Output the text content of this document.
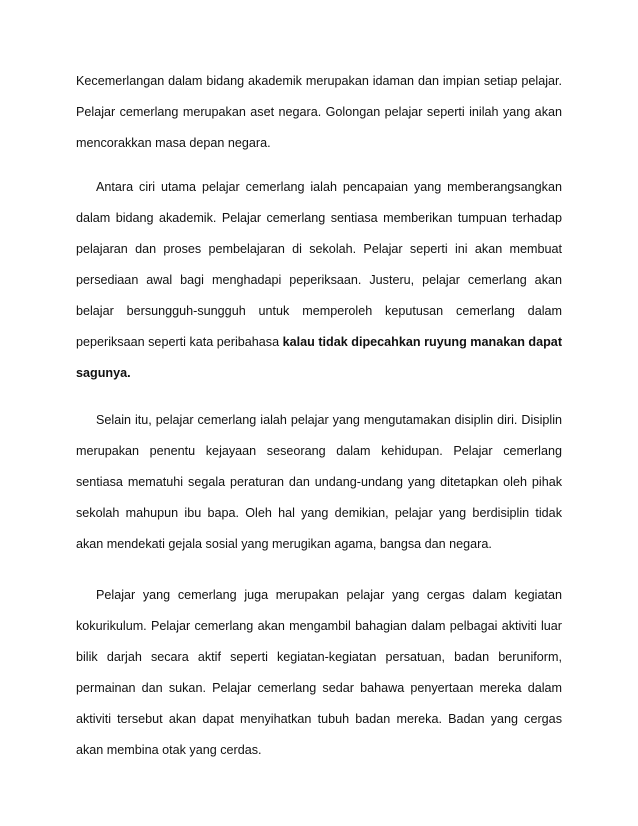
Kecemerlangan dalam bidang akademik merupakan idaman dan impian setiap pelajar. Pelajar cemerlang merupakan aset negara. Golongan pelajar seperti inilah yang akan mencorakkan masa depan negara.

Antara ciri utama pelajar cemerlang ialah pencapaian yang memberangsangkan dalam bidang akademik. Pelajar cemerlang sentiasa memberikan tumpuan terhadap pelajaran dan proses pembelajaran di sekolah. Pelajar seperti ini akan membuat persediaan awal bagi menghadapi peperiksaan. Justeru, pelajar cemerlang akan belajar bersungguh-sungguh untuk memperoleh keputusan cemerlang dalam peperiksaan seperti kata peribahasa kalau tidak dipecahkan ruyung manakan dapat sagunya.

Selain itu, pelajar cemerlang ialah pelajar yang mengutamakan disiplin diri. Disiplin merupakan penentu kejayaan seseorang dalam kehidupan. Pelajar cemerlang sentiasa mematuhi segala peraturan dan undang-undang yang ditetapkan oleh pihak sekolah mahupun ibu bapa. Oleh hal yang demikian, pelajar yang berdisiplin tidak akan mendekati gejala sosial yang merugikan agama, bangsa dan negara.

Pelajar yang cemerlang juga merupakan pelajar yang cergas dalam kegiatan kokurikulum. Pelajar cemerlang akan mengambil bahagian dalam pelbagai aktiviti luar bilik darjah secara aktif seperti kegiatan-kegiatan persatuan, badan beruniform, permainan dan sukan. Pelajar cemerlang sedar bahawa penyertaan mereka dalam aktiviti tersebut akan dapat menyihatkan tubuh badan mereka. Badan yang cergas akan membina otak yang cerdas.
